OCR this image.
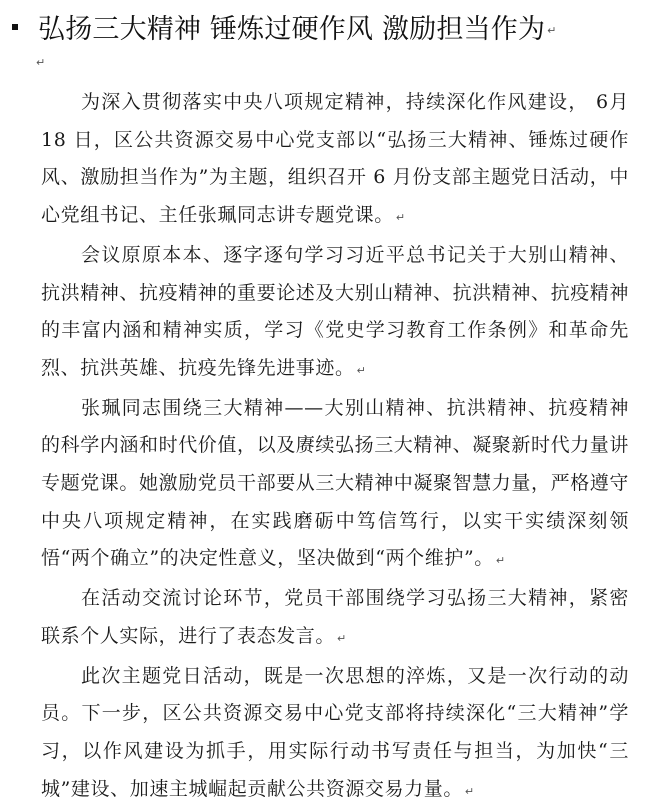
弘扬三大精神 锤炼过硬作风 激励担当作为 ↵
↵

为深入贯彻落实中央八项规定精神，持续深化作风建设， 6月 18 日，区公共资源交易中心党支部以“弘扬三大精神、锤炼过硬作风、激励担当作为”为主题，组织召开 6 月份支部主题党日活动，中心党组书记、主任张珮同志讲专题党课。 ↵

会议原原本本、逐字逐句学习习近平总书记关于大别山精神、抗洪精神、抗疫精神的重要论述及大别山精神、抗洪精神、抗疫精神的丰富内涵和精神实质，学习《党史学习教育工作条例》和革命先烈、抗洪英雄、抗疫先锋先进事迹。 ↵

张珮同志围绕三大精神——大别山精神、抗洪精神、抗疫精神的科学内涵和时代价值，以及赓续弘扬三大精神、凝聚新时代力量讲专题党课。她激励党员干部要从三大精神中凝聚智慧力量，严格遵守中央八项规定精神，在实践磨砺中笃信笃行，以实干实绩深刻领悟“两个确立”的决定性意义，坚决做到“两个维护”。 ↵

在活动交流讨论环节，党员干部围绕学习弘扬三大精神，紧密联系个人实际，进行了表态发言。 ↵

此次主题党日活动，既是一次思想的淬炼，又是一次行动的动员。下一步，区公共资源交易中心党支部将持续深化“三大精神”学习，以作风建设为抓手，用实际行动书写责任与担当，为加快“三城”建设、加速主城崛起贡献公共资源交易力量。 ↵
